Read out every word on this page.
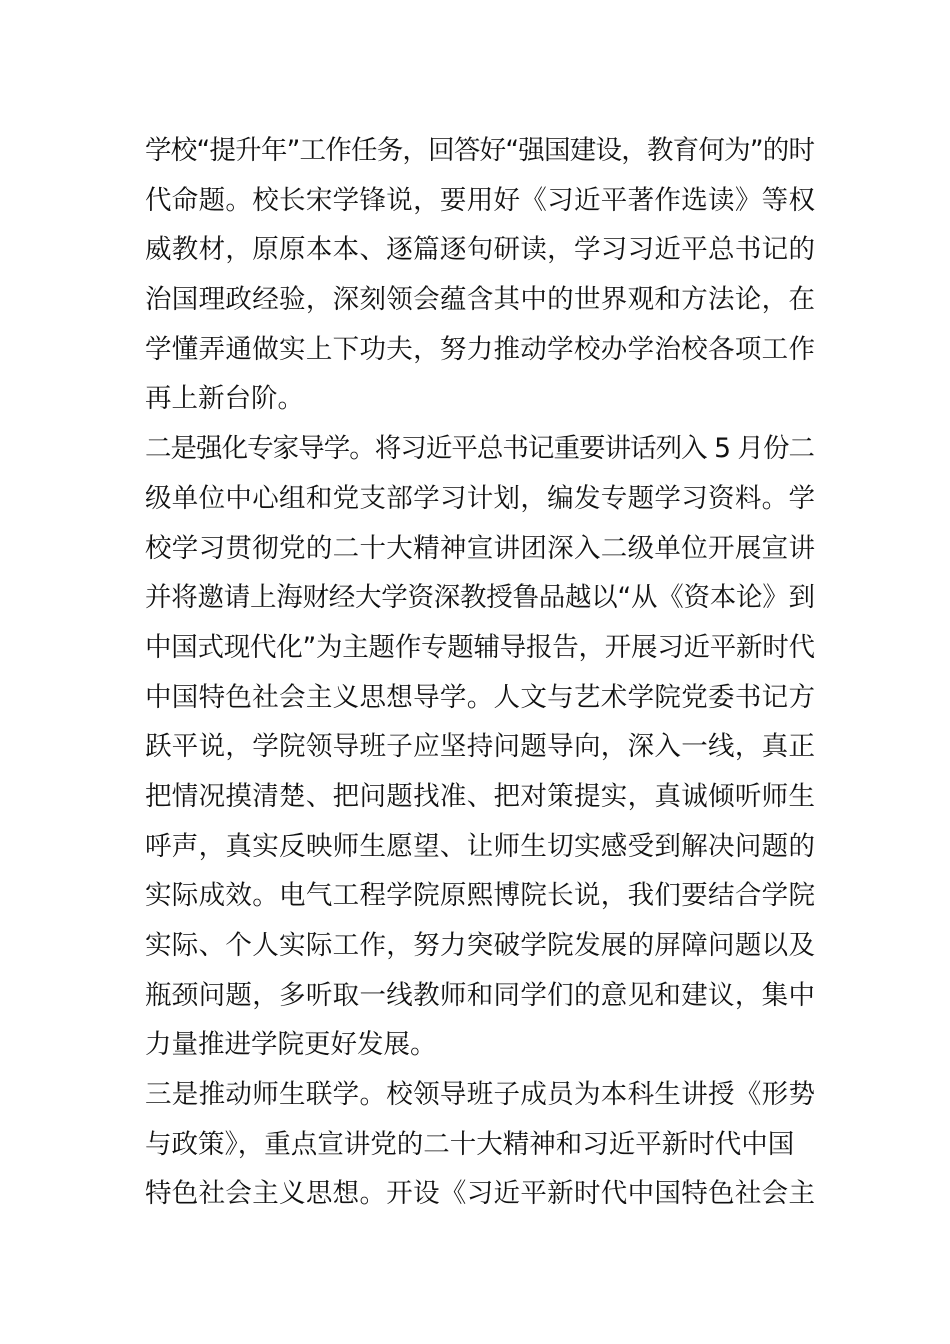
学校“提升年”工作任务，回答好“强国建设，教育何为”的时
代命题。校长宋学锋说，要用好《习近平著作选读》等权
威教材，原原本本、逐篇逐句研读，学习习近平总书记的
治国理政经验，深刻领会蕴含其中的世界观和方法论，在
学懂弄通做实上下功夫，努力推动学校办学治校各项工作
再上新台阶。
二是强化专家导学。将习近平总书记重要讲话列入 5 月份二
级单位中心组和党支部学习计划，编发专题学习资料。学
校学习贯彻党的二十大精神宣讲团深入二级单位开展宣讲
并将邀请上海财经大学资深教授鲁品越以“从《资本论》到
中国式现代化”为主题作专题辅导报告，开展习近平新时代
中国特色社会主义思想导学。人文与艺术学院党委书记方
跃平说，学院领导班子应坚持问题导向，深入一线，真正
把情况摸清楚、把问题找准、把对策提实，真诚倾听师生
呼声，真实反映师生愿望、让师生切实感受到解决问题的
实际成效。电气工程学院原熙博院长说，我们要结合学院
实际、个人实际工作，努力突破学院发展的屏障问题以及
瓶颈问题，多听取一线教师和同学们的意见和建议，集中
力量推进学院更好发展。
三是推动师生联学。校领导班子成员为本科生讲授《形势
与政策》，重点宣讲党的二十大精神和习近平新时代中国
特色社会主义思想。开设《习近平新时代中国特色社会主
